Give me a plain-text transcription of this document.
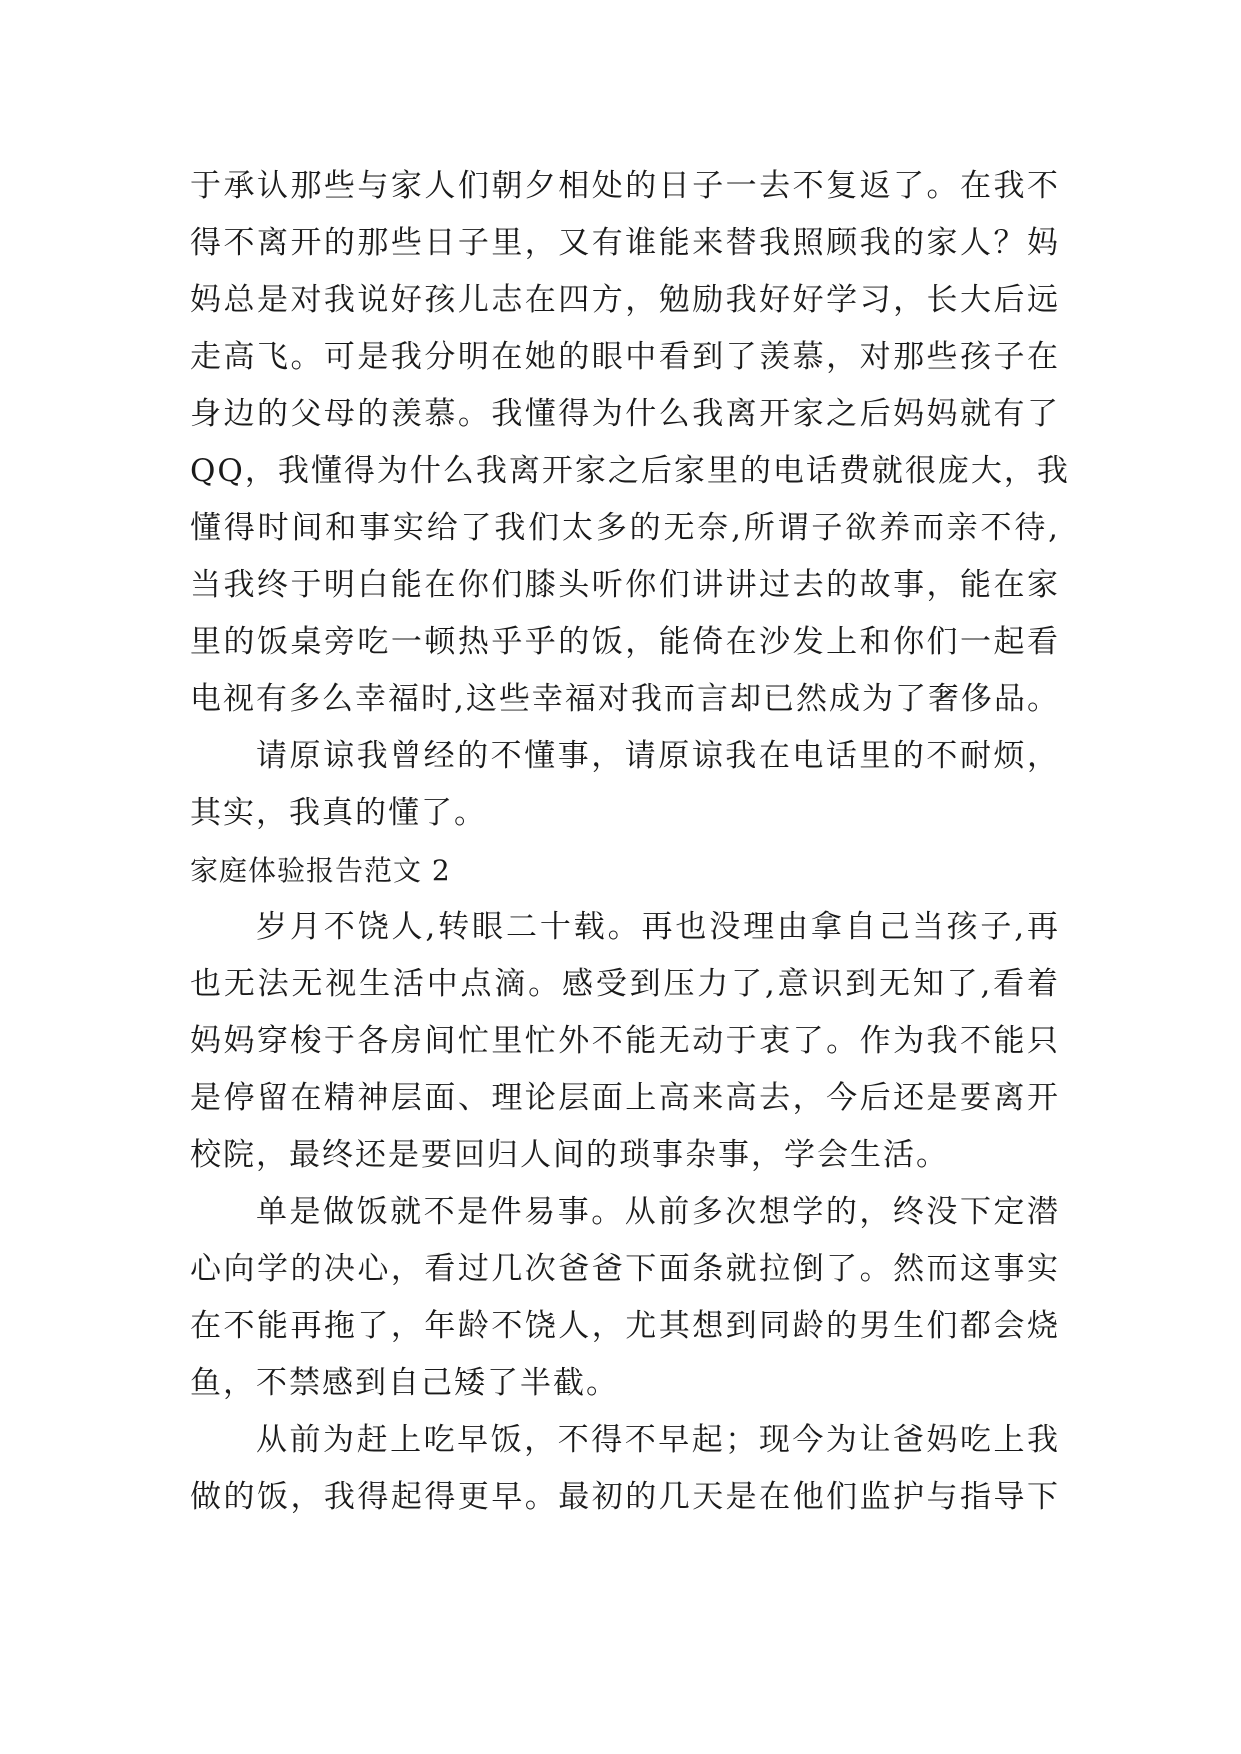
于承认那些与家人们朝夕相处的日子一去不复返了。在我不
得不离开的那些日子里，又有谁能来替我照顾我的家人？妈
妈总是对我说好孩儿志在四方，勉励我好好学习，长大后远
走高飞。可是我分明在她的眼中看到了羡慕，对那些孩子在
身边的父母的羡慕。我懂得为什么我离开家之后妈妈就有了
QQ，我懂得为什么我离开家之后家里的电话费就很庞大，我
懂得时间和事实给了我们太多的无奈,所谓子欲养而亲不待,
当我终于明白能在你们膝头听你们讲讲过去的故事，能在家
里的饭桌旁吃一顿热乎乎的饭，能倚在沙发上和你们一起看
电视有多么幸福时,这些幸福对我而言却已然成为了奢侈品。
请原谅我曾经的不懂事，请原谅我在电话里的不耐烦，
其实，我真的懂了。
家庭体验报告范文 2
岁月不饶人,转眼二十载。再也没理由拿自己当孩子,再
也无法无视生活中点滴。感受到压力了,意识到无知了,看着
妈妈穿梭于各房间忙里忙外不能无动于衷了。作为我不能只
是停留在精神层面、理论层面上高来高去，今后还是要离开
校院，最终还是要回归人间的琐事杂事，学会生活。
单是做饭就不是件易事。从前多次想学的，终没下定潜
心向学的决心，看过几次爸爸下面条就拉倒了。然而这事实
在不能再拖了，年龄不饶人，尤其想到同龄的男生们都会烧
鱼，不禁感到自己矮了半截。
从前为赶上吃早饭，不得不早起；现今为让爸妈吃上我
做的饭，我得起得更早。最初的几天是在他们监护与指导下
